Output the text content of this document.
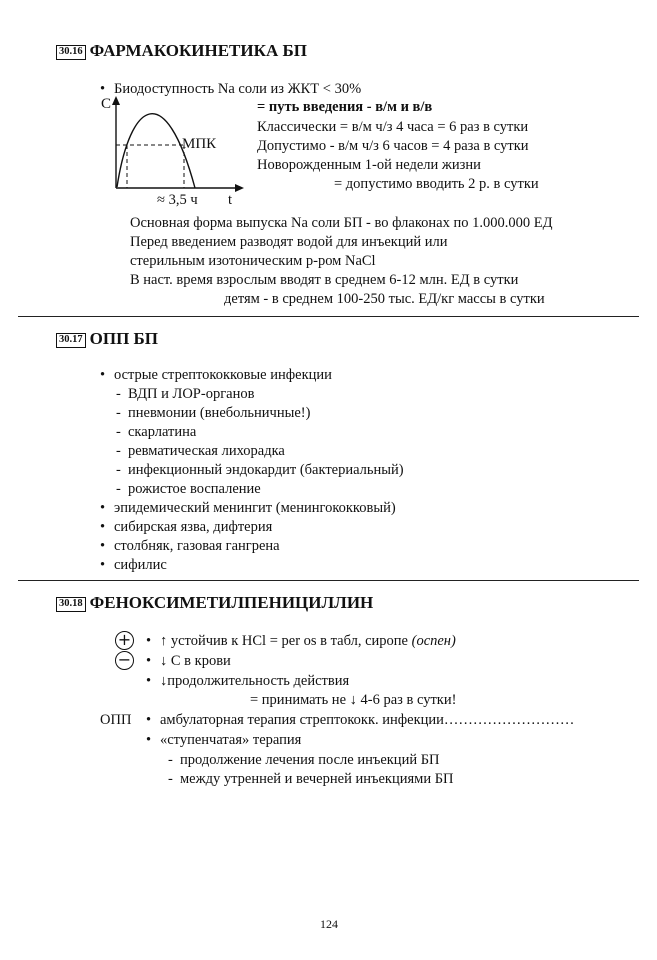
30.16 ФАРМАКОКИНЕТИКА БП
• Биодоступность Na соли из ЖКТ < 30%
C
МПК
≈ 3,5 ч t
= путь введения - в/м и в/в
Классически = в/м ч/з 4 часа = 6 раз в сутки
Допустимо - в/м ч/з 6 часов = 4 раза в сутки
Новорожденным 1-ой недели жизни
= допустимо вводить 2 р. в сутки
Основная форма выпуска Na соли БП - во флаконах по 1.000.000 ЕД
Перед введением разводят водой для инъекций или
стерильным изотоническим р-ром NaCl
В наст. время взрослым вводят в среднем 6-12 млн. ЕД в сутки
детям - в среднем 100-250 тыс. ЕД/кг массы в сутки
30.17 ОПП БП
• острые стрептококковые инфекции
- ВДП и ЛОР-органов
- пневмонии (внебольничные!)
- скарлатина
- ревматическая лихорадка
- инфекционный эндокардит (бактериальный)
- рожистое воспаление
• эпидемический менингит (менингококковый)
• сибирская язва, дифтерия
• столбняк, газовая гангрена
• сифилис
30.18 ФЕНОКСИМЕТИЛПЕНИЦИЛЛИН
+
−
• ↑ устойчив к HCl = per os в табл, сиропе (оспен)
• ↓ С в крови
• ↓продолжительность действия
= принимать не ↓ 4-6 раз в сутки!
ОПП • амбулаторная терапия стрептококк. инфекции………………………
• «ступенчатая» терапия
- продолжение лечения после инъекций БП
- между утренней и вечерней инъекциями БП
124
